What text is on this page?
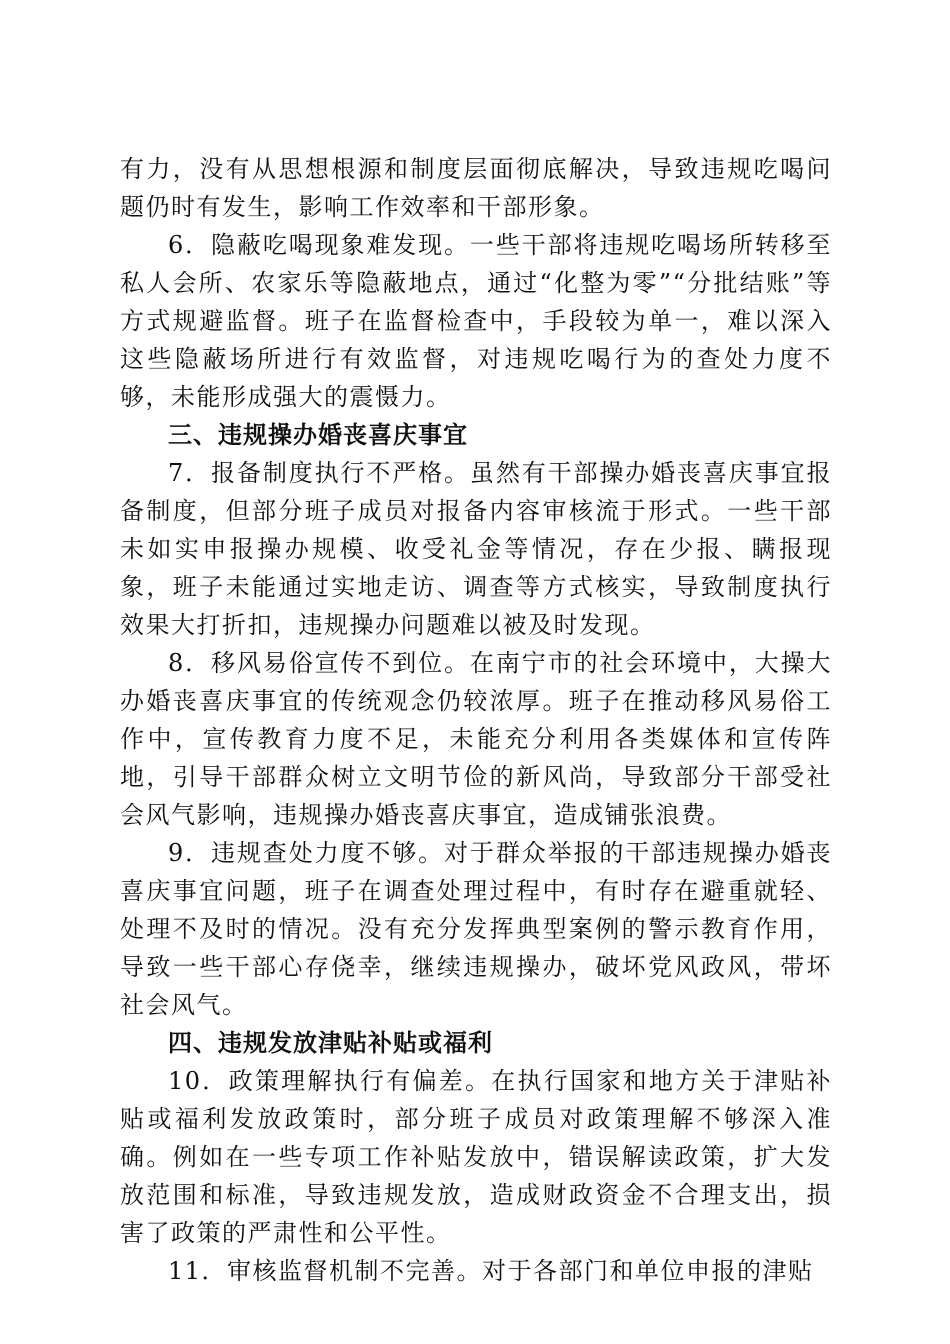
有力，没有从思想根源和制度层面彻底解决，导致违规吃喝问题仍时有发生，影响工作效率和干部形象。

6．隐蔽吃喝现象难发现。一些干部将违规吃喝场所转移至私人会所、农家乐等隐蔽地点，通过“化整为零”“分批结账”等方式规避监督。班子在监督检查中，手段较为单一，难以深入这些隐蔽场所进行有效监督，对违规吃喝行为的查处力度不够，未能形成强大的震慑力。

三、违规操办婚丧喜庆事宜

7．报备制度执行不严格。虽然有干部操办婚丧喜庆事宜报备制度，但部分班子成员对报备内容审核流于形式。一些干部未如实申报操办规模、收受礼金等情况，存在少报、瞒报现象，班子未能通过实地走访、调查等方式核实，导致制度执行效果大打折扣，违规操办问题难以被及时发现。

8．移风易俗宣传不到位。在南宁市的社会环境中，大操大办婚丧喜庆事宜的传统观念仍较浓厚。班子在推动移风易俗工作中，宣传教育力度不足，未能充分利用各类媒体和宣传阵地，引导干部群众树立文明节俭的新风尚，导致部分干部受社会风气影响，违规操办婚丧喜庆事宜，造成铺张浪费。

9．违规查处力度不够。对于群众举报的干部违规操办婚丧喜庆事宜问题，班子在调查处理过程中，有时存在避重就轻、处理不及时的情况。没有充分发挥典型案例的警示教育作用，导致一些干部心存侥幸，继续违规操办，破坏党风政风，带坏社会风气。

四、违规发放津贴补贴或福利

10．政策理解执行有偏差。在执行国家和地方关于津贴补贴或福利发放政策时，部分班子成员对政策理解不够深入准确。例如在一些专项工作补贴发放中，错误解读政策，扩大发放范围和标准，导致违规发放，造成财政资金不合理支出，损害了政策的严肃性和公平性。

11．审核监督机制不完善。对于各部门和单位申报的津贴
